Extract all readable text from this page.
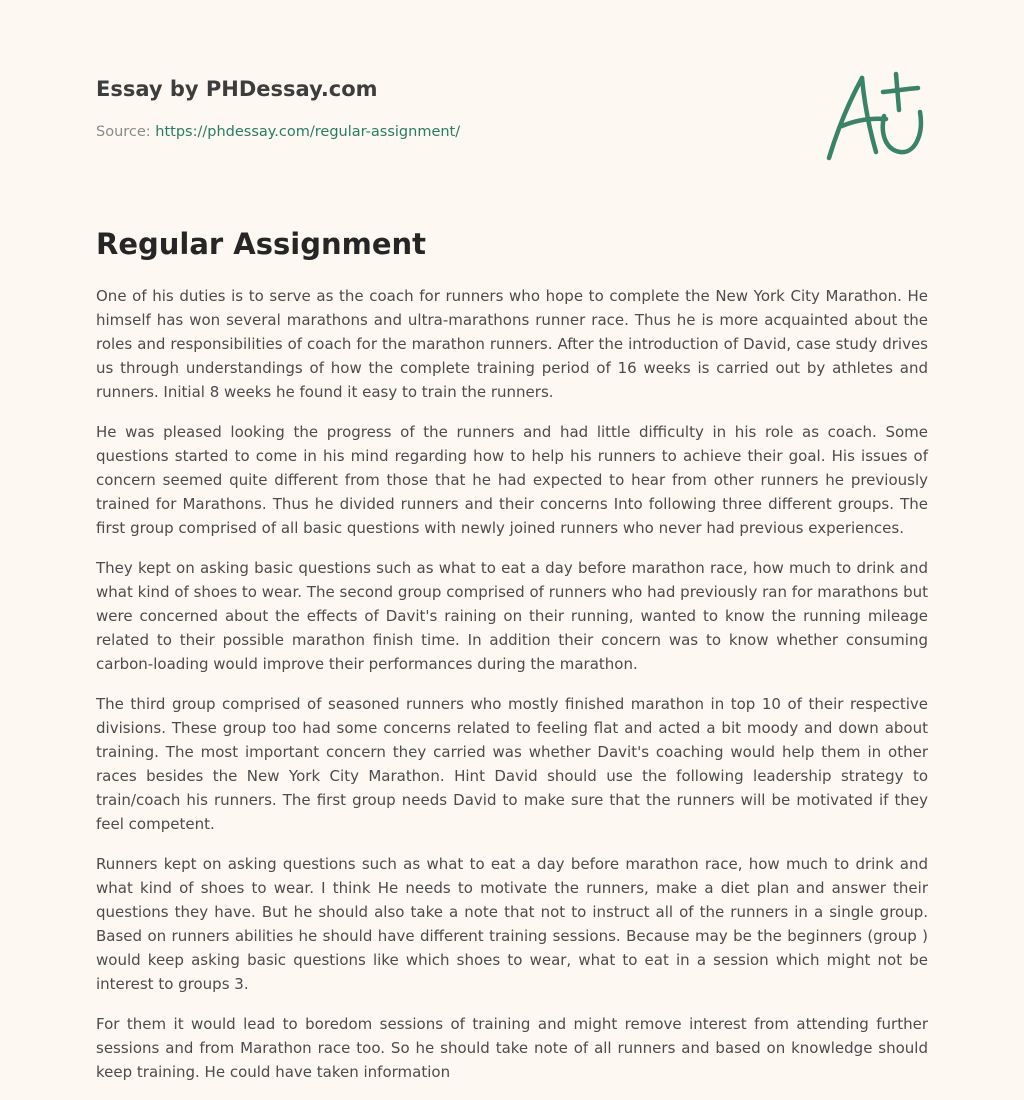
Essay by PHDessay.com
Source: https://phdessay.com/regular-assignment/
Regular Assignment

One of his duties is to serve as the coach for runners who hope to complete the New York City Marathon. He himself has won several marathons and ultra-marathons runner race. Thus he is more acquainted about the roles and responsibilities of coach for the marathon runners. After the introduction of David, case study drives us through understandings of how the complete training period of 16 weeks is carried out by athletes and runners. Initial 8 weeks he found it easy to train the runners.

He was pleased looking the progress of the runners and had little difficulty in his role as coach. Some questions started to come in his mind regarding how to help his runners to achieve their goal. His issues of concern seemed quite different from those that he had expected to hear from other runners he previously trained for Marathons. Thus he divided runners and their concerns Into following three different groups. The first group comprised of all basic questions with newly joined runners who never had previous experiences.

They kept on asking basic questions such as what to eat a day before marathon race, how much to drink and what kind of shoes to wear. The second group comprised of runners who had previously ran for marathons but were concerned about the effects of Davit's raining on their running, wanted to know the running mileage related to their possible marathon finish time. In addition their concern was to know whether consuming carbon-loading would improve their performances during the marathon.

The third group comprised of seasoned runners who mostly finished marathon in top 10 of their respective divisions. These group too had some concerns related to feeling flat and acted a bit moody and down about training. The most important concern they carried was whether Davit's coaching would help them in other races besides the New York City Marathon. Hint David should use the following leadership strategy to train/coach his runners. The first group needs David to make sure that the runners will be motivated if they feel competent.

Runners kept on asking questions such as what to eat a day before marathon race, how much to drink and what kind of shoes to wear. I think He needs to motivate the runners, make a diet plan and answer their questions they have. But he should also take a note that not to instruct all of the runners in a single group. Based on runners abilities he should have different training sessions. Because may be the beginners (group ) would keep asking basic questions like which shoes to wear, what to eat in a session which might not be interest to groups 3.

For them it would lead to boredom sessions of training and might remove interest from attending further sessions and from Marathon race too. So he should take note of all runners and based on knowledge should keep training. He could have taken information
